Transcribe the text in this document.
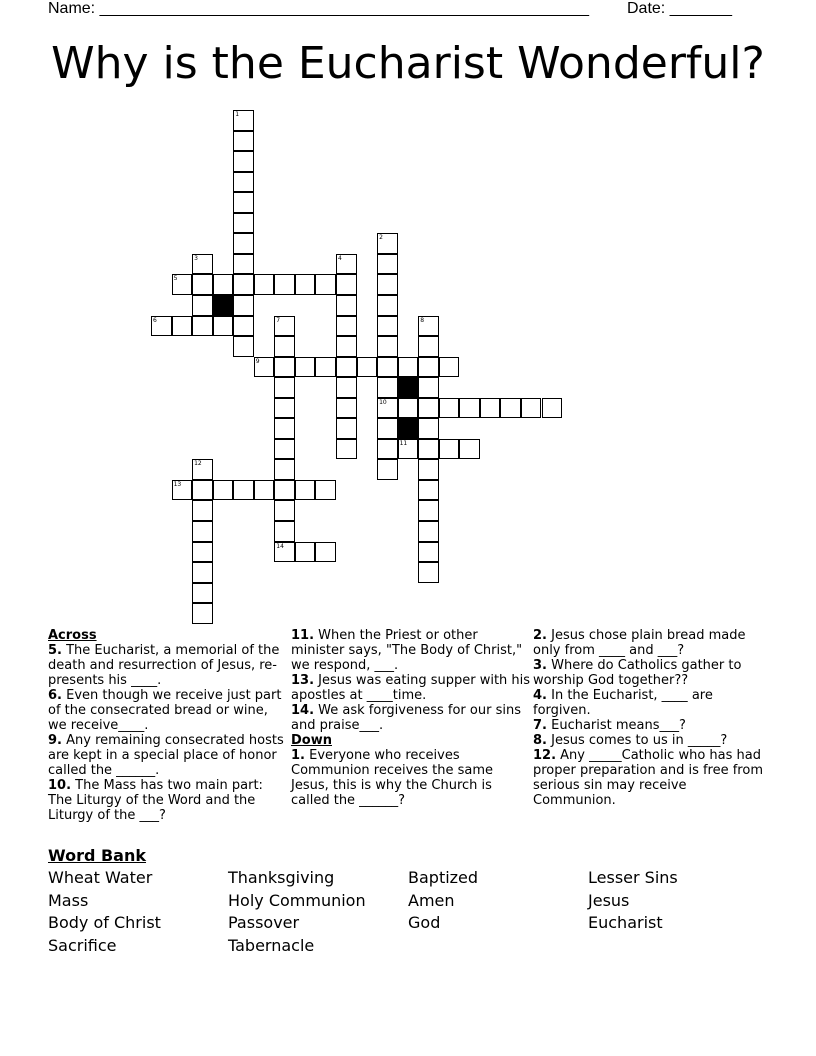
Name: _______________________________________________________ Date: _______
Why is the Eucharist Wonderful?
1
2
3	4
5
6	7	8
9
10
11
12
13
14
Across

5. The Eucharist, a memorial of the death and resurrection of Jesus, re-presents his ____.

6. Even though we receive just part of the consecrated bread or wine, we receive____.

9. Any remaining consecrated hosts are kept in a special place of honor called the ______.

10. The Mass has two main part: The Liturgy of the Word and the Liturgy of the ___?

11. When the Priest or other minister says, "The Body of Christ," we respond, ___.

13. Jesus was eating supper with his apostles at ____time.

14. We ask forgiveness for our sins and praise___.

Down

1. Everyone who receives Communion receives the same Jesus, this is why the Church is called the ______?

2. Jesus chose plain bread made only from ____ and ___?

3. Where do Catholics gather to worship God together??

4. In the Eucharist, ____ are forgiven.

7. Eucharist means___?

8. Jesus comes to us in _____?

12. Any _____Catholic who has had proper preparation and is free from serious sin may receive Communion.

Word Bank
Wheat Water
Mass
Body of Christ
Sacrifice
Thanksgiving
Holy Communion
Passover
Tabernacle
Baptized
Amen
God
Lesser Sins
Jesus
Eucharist
